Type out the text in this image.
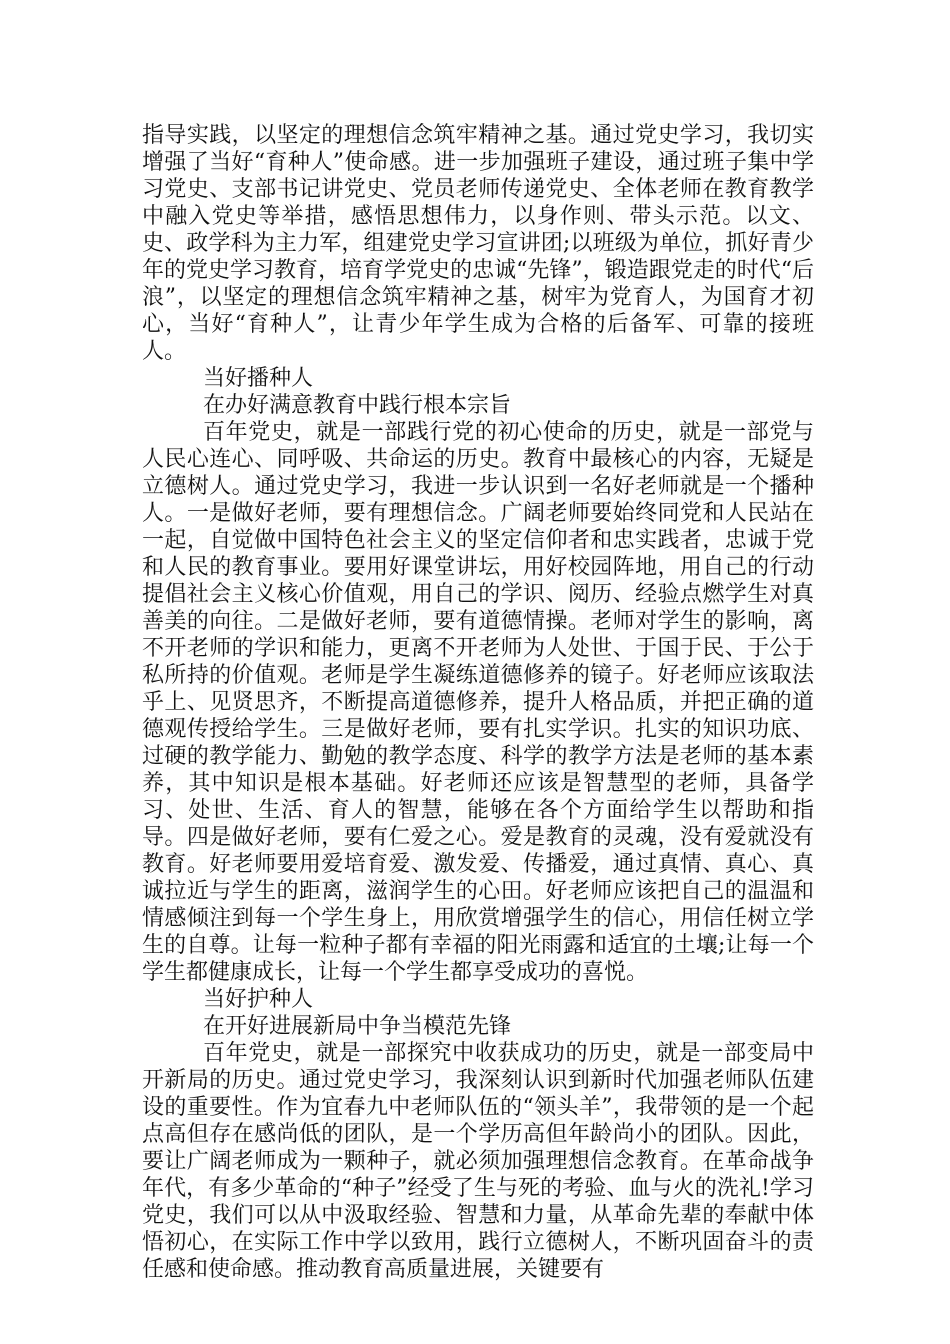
指导实践，以坚定的理想信念筑牢精神之基。通过党史学习，我切实增强了当好“育种人”使命感。进一步加强班子建设，通过班子集中学习党史、支部书记讲党史、党员老师传递党史、全体老师在教育教学中融入党史等举措，感悟思想伟力，以身作则、带头示范。以文、史、政学科为主力军，组建党史学习宣讲团;以班级为单位，抓好青少年的党史学习教育，培育学党史的忠诚“先锋”，锻造跟党走的时代“后浪”，以坚定的理想信念筑牢精神之基，树牢为党育人，为国育才初心，当好“育种人”，让青少年学生成为合格的后备军、可靠的接班人。

当好播种人

在办好满意教育中践行根本宗旨

百年党史，就是一部践行党的初心使命的历史，就是一部党与人民心连心、同呼吸、共命运的历史。教育中最核心的内容，无疑是立德树人。通过党史学习，我进一步认识到一名好老师就是一个播种人。一是做好老师，要有理想信念。广阔老师要始终同党和人民站在一起，自觉做中国特色社会主义的坚定信仰者和忠实践者，忠诚于党和人民的教育事业。要用好课堂讲坛，用好校园阵地，用自己的行动提倡社会主义核心价值观，用自己的学识、阅历、经验点燃学生对真善美的向往。二是做好老师，要有道德情操。老师对学生的影响，离不开老师的学识和能力，更离不开老师为人处世、于国于民、于公于私所持的价值观。老师是学生凝练道德修养的镜子。好老师应该取法乎上、见贤思齐，不断提高道德修养，提升人格品质，并把正确的道德观传授给学生。三是做好老师，要有扎实学识。扎实的知识功底、过硬的教学能力、勤勉的教学态度、科学的教学方法是老师的基本素养，其中知识是根本基础。好老师还应该是智慧型的老师，具备学习、处世、生活、育人的智慧，能够在各个方面给学生以帮助和指导。四是做好老师，要有仁爱之心。爱是教育的灵魂，没有爱就没有教育。好老师要用爱培育爱、激发爱、传播爱，通过真情、真心、真诚拉近与学生的距离，滋润学生的心田。好老师应该把自己的温温和情感倾注到每一个学生身上，用欣赏增强学生的信心，用信任树立学生的自尊。让每一粒种子都有幸福的阳光雨露和适宜的土壤;让每一个学生都健康成长，让每一个学生都享受成功的喜悦。

当好护种人

在开好进展新局中争当模范先锋

百年党史，就是一部探究中收获成功的历史，就是一部变局中开新局的历史。通过党史学习，我深刻认识到新时代加强老师队伍建设的重要性。作为宜春九中老师队伍的“领头羊”，我带领的是一个起点高但存在感尚低的团队，是一个学历高但年龄尚小的团队。因此，要让广阔老师成为一颗种子，就必须加强理想信念教育。在革命战争年代，有多少革命的“种子”经受了生与死的考验、血与火的洗礼!学习党史，我们可以从中汲取经验、智慧和力量，从革命先辈的奉献中体悟初心，在实际工作中学以致用，践行立德树人，不断巩固奋斗的责任感和使命感。推动教育高质量进展，关键要有
